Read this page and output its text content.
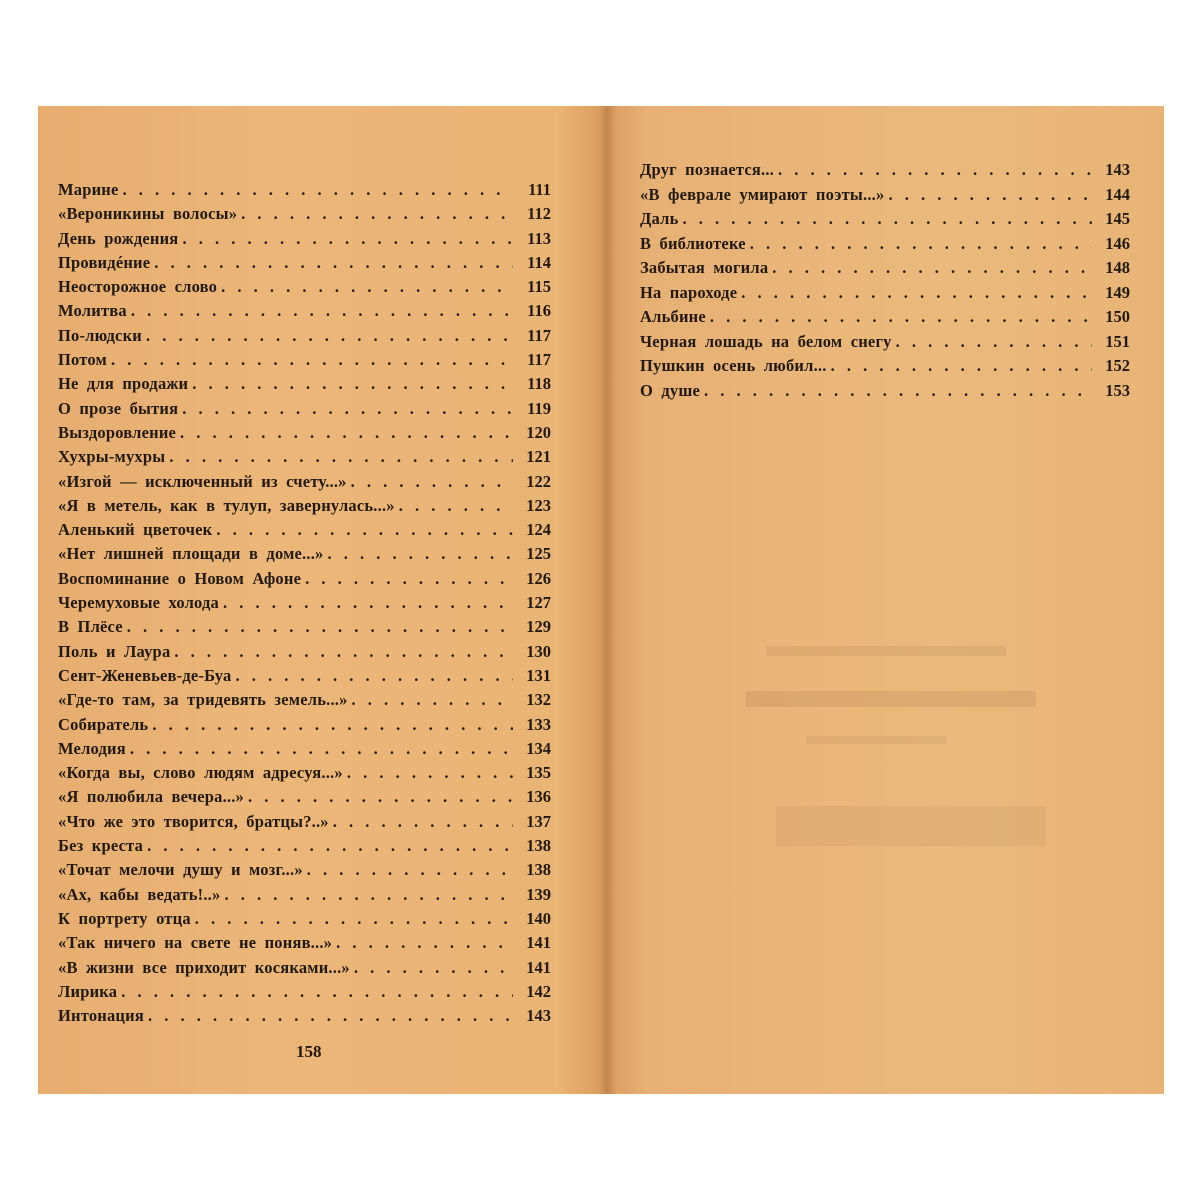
Марине . . .	111
«Вероникины волосы» . . .	112
День рождения . . .	113
Провидéние . . .	114
Неосторожное слово . . .	115
Молитва . . .	116
По-людски . . .	117
Потом . . .	117
Не для продажи . . .	118
О прозе бытия . . .	119
Выздоровление . . .	120
Хухры-мухры . . .	121
«Изгой — исключенный из счету...» . . .	122
«Я в метель, как в тулуп, завернулась...» . . .	123
Аленький цветочек . . .	124
«Нет лишней площади в доме...» . . .	125
Воспоминание о Новом Афоне . . .	126
Черемуховые холода . . .	127
В Плёсе . . .	129
Поль и Лаура . . .	130
Сент-Женевьев-де-Буа . . .	131
«Где-то там, за тридевять земель...» . . .	132
Собиратель . . .	133
Мелодия . . .	134
«Когда вы, слово людям адресуя...» . . .	135
«Я полюбила вечера...» . . .	136
«Что же это творится, братцы?..» . . .	137
Без креста . . .	138
«Точат мелочи душу и мозг...» . . .	138
«Ах, кабы ведать!..» . . .	139
К портрету отца . . .	140
«Так ничего на свете не поняв...» . . .	141
«В жизни все приходит косяками...» . . .	141
Лирика . . .	142
Интонация . . .	143
158
Друг познается... . . .	143
«В феврале умирают поэты...» . . .	144
Даль . . .	145
В библиотеке . . .	146
Забытая могила . . .	148
На пароходе . . .	149
Альбине . . .	150
Черная лошадь на белом снегу . . .	151
Пушкин осень любил... . . .	152
О душе . . .	153
